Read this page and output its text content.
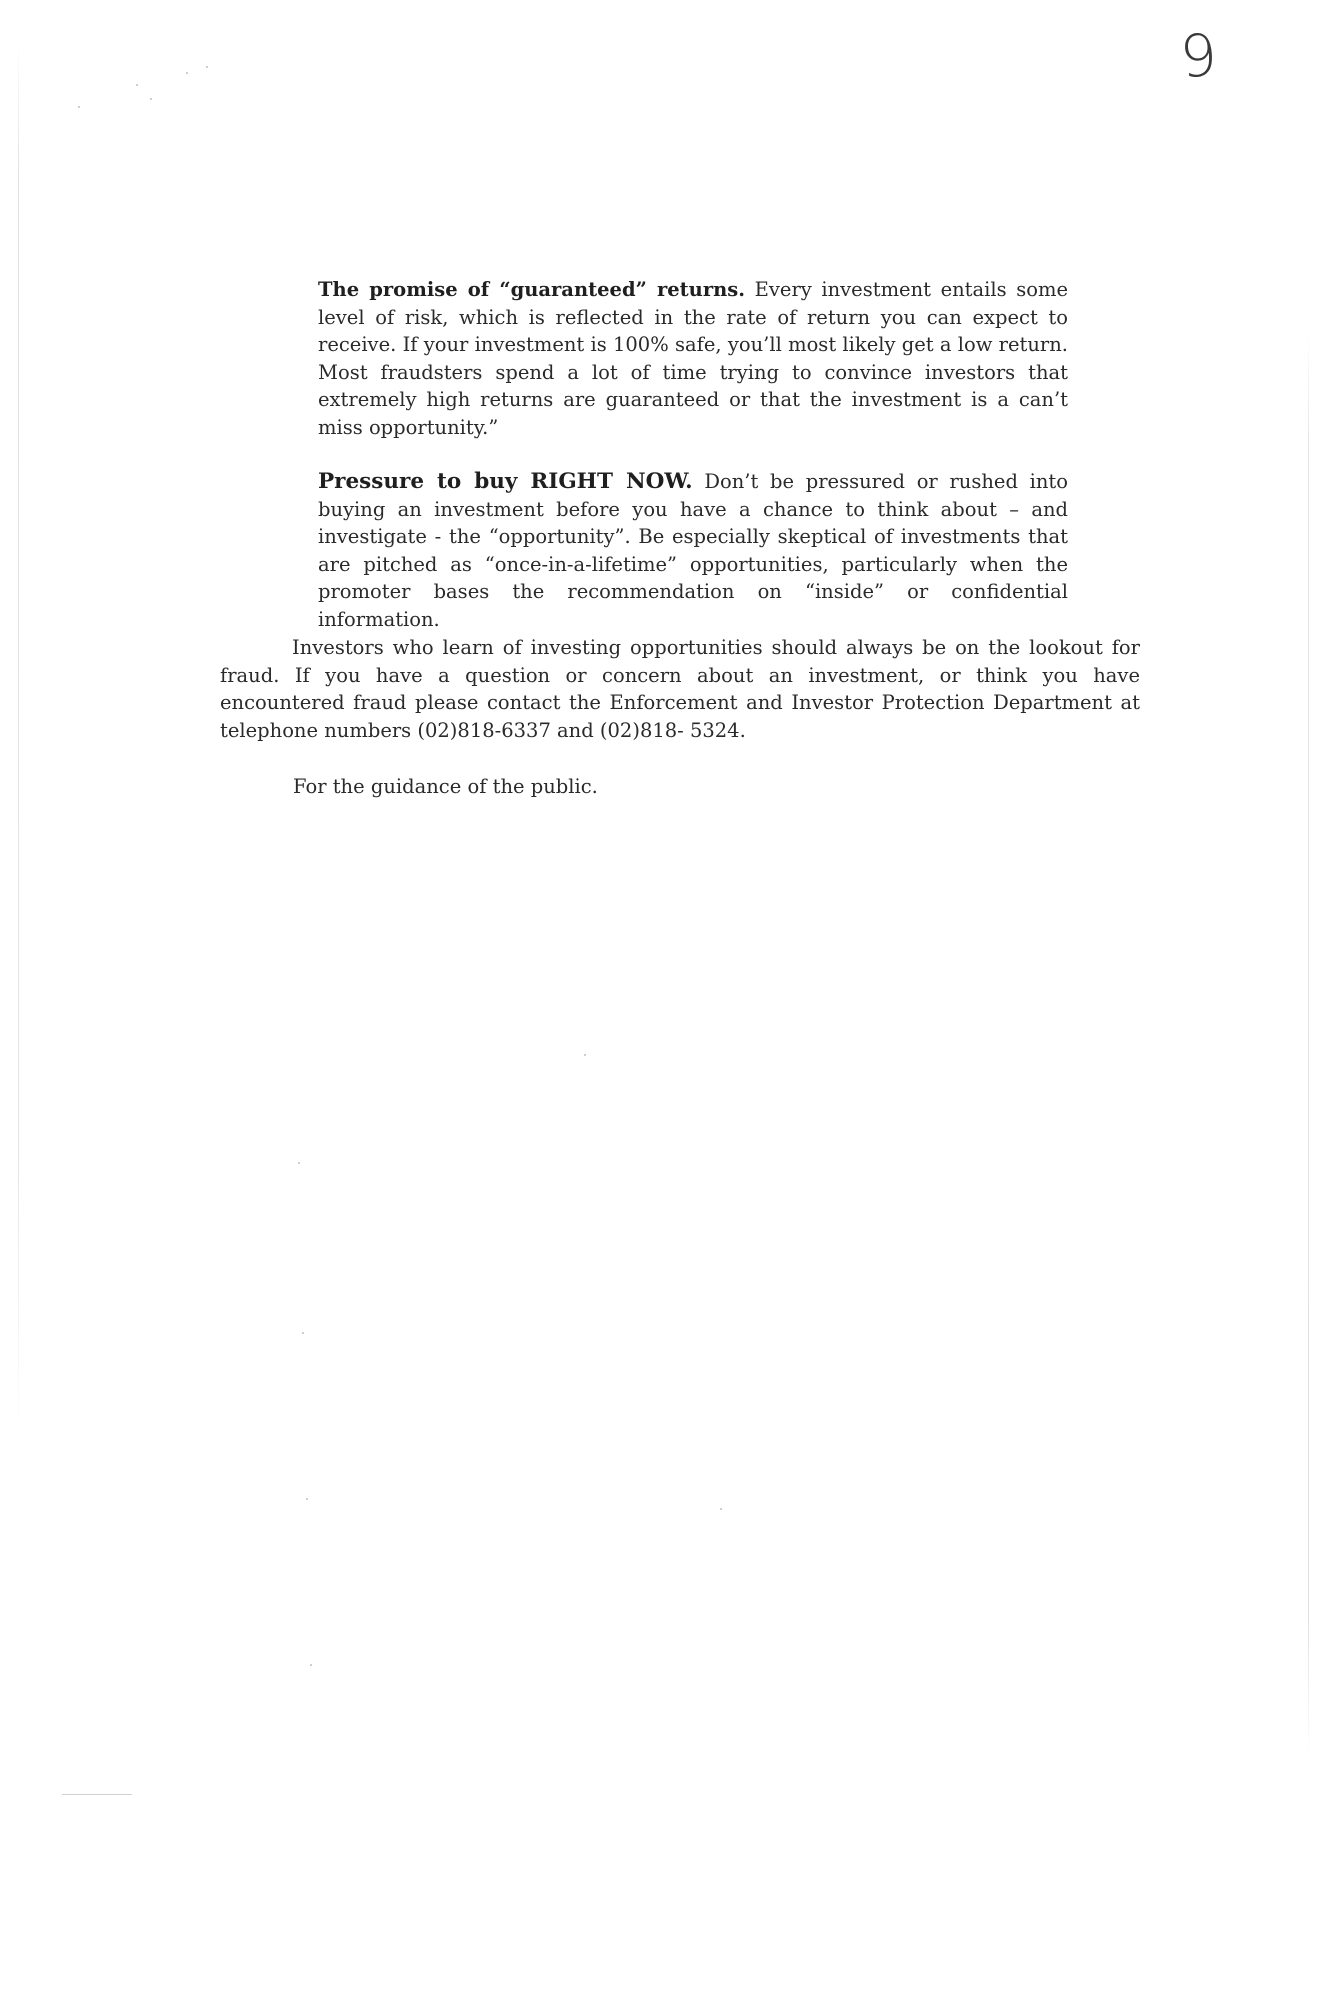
9

The promise of “guaranteed” returns. Every investment entails some level of risk, which is reflected in the rate of return you can expect to receive. If your investment is 100% safe, you’ll most likely get a low return. Most fraudsters spend a lot of time trying to convince investors that extremely high returns are guaranteed or that the investment is a can’t miss opportunity.”

Pressure to buy RIGHT NOW. Don’t be pressured or rushed into buying an investment before you have a chance to think about – and investigate - the “opportunity”. Be especially skeptical of investments that are pitched as “once-in-a-lifetime” opportunities, particularly when the promoter bases the recommendation on “inside” or confidential information.

Investors who learn of investing opportunities should always be on the lookout for fraud. If you have a question or concern about an investment, or think you have encountered fraud please contact the Enforcement and Investor Protection Department at telephone numbers (02)818-6337 and (02)818- 5324.

For the guidance of the public.
